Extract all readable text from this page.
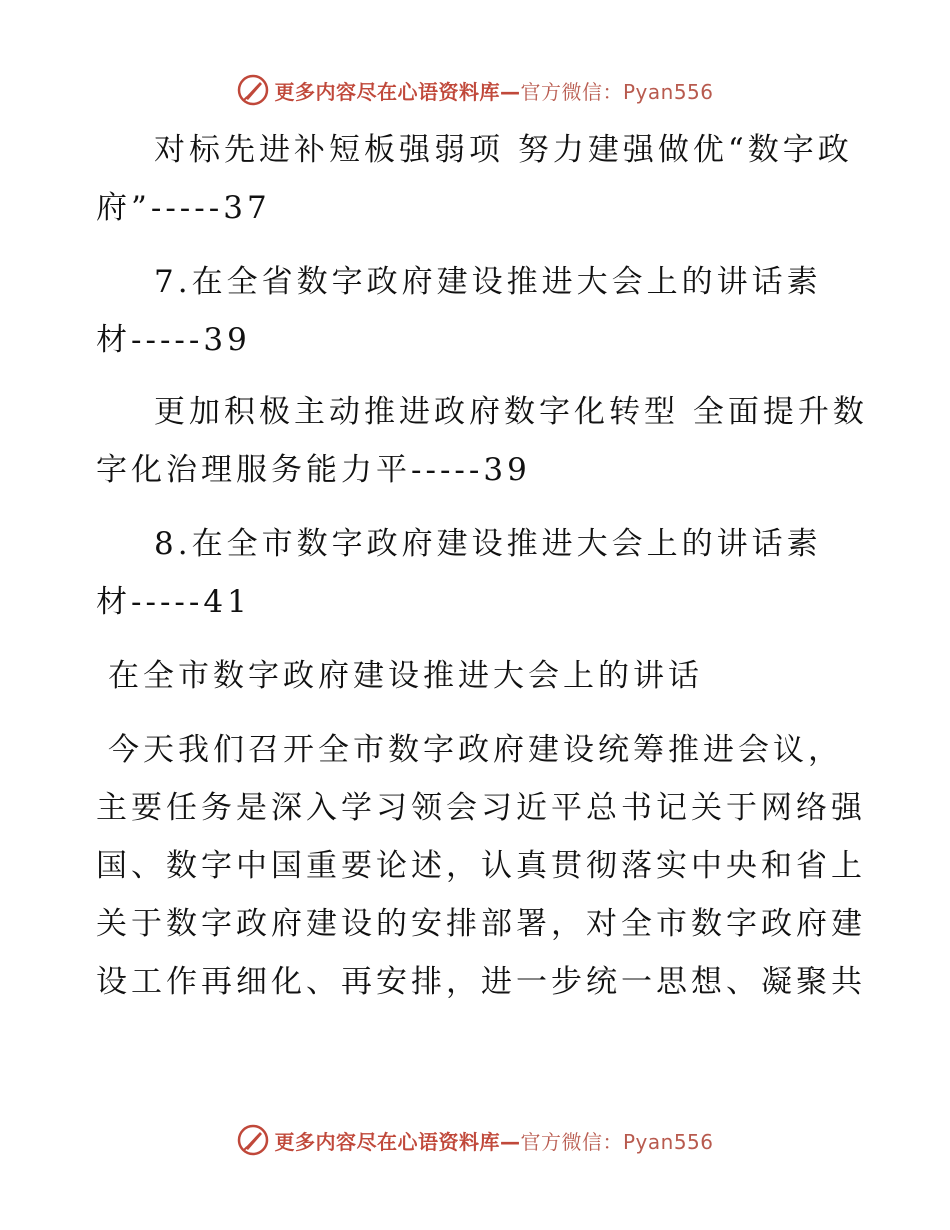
更多内容尽在心语资料库—官方微信：Pyan556
对标先进补短板强弱项 努力建强做优“数字政
府”-----37
7.在全省数字政府建设推进大会上的讲话素
材-----39
更加积极主动推进政府数字化转型 全面提升数
字化治理服务能力平-----39
8.在全市数字政府建设推进大会上的讲话素
材-----41
在全市数字政府建设推进大会上的讲话
今天我们召开全市数字政府建设统筹推进会议，
主要任务是深入学习领会习近平总书记关于网络强
国、数字中国重要论述，认真贯彻落实中央和省上
关于数字政府建设的安排部署，对全市数字政府建
设工作再细化、再安排，进一步统一思想、凝聚共
更多内容尽在心语资料库—官方微信：Pyan556
